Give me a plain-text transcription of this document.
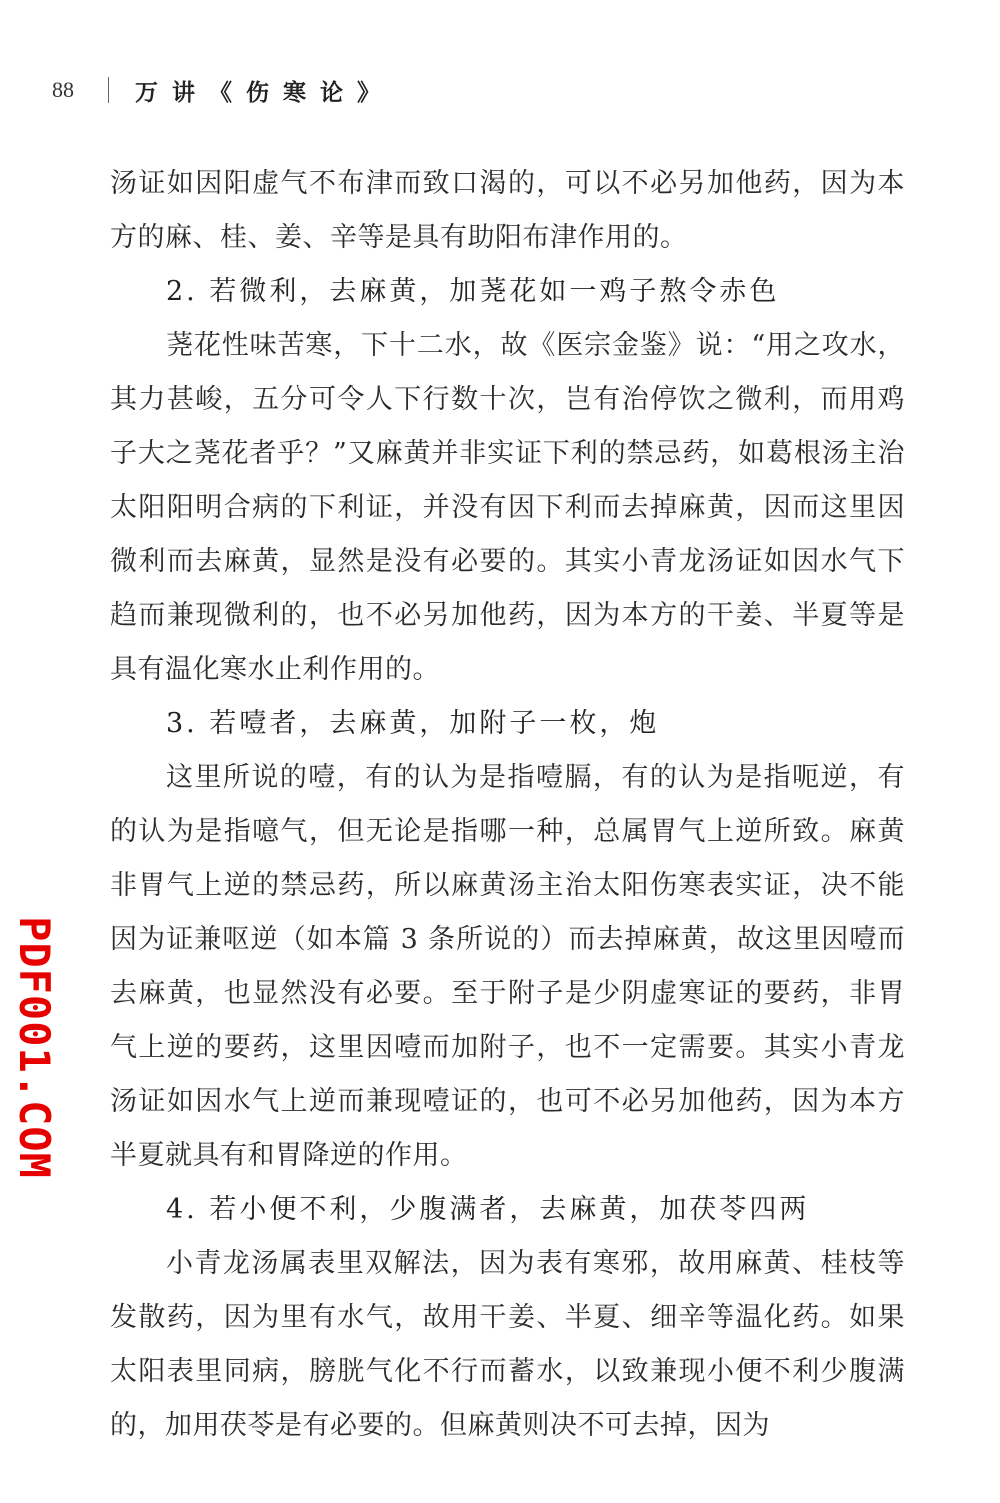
88	万讲《伤寒论》

汤证如因阳虚气不布津而致口渴的，可以不必另加他药，因为本方的麻、桂、姜、辛等是具有助阳布津作用的。

2. 若微利，去麻黄，加荛花如一鸡子熬令赤色

荛花性味苦寒，下十二水，故《医宗金鉴》说：“用之攻水，其力甚峻，五分可令人下行数十次，岂有治停饮之微利，而用鸡子大之荛花者乎？”又麻黄并非实证下利的禁忌药，如葛根汤主治太阳阳明合病的下利证，并没有因下利而去掉麻黄，因而这里因微利而去麻黄，显然是没有必要的。其实小青龙汤证如因水气下趋而兼现微利的，也不必另加他药，因为本方的干姜、半夏等是具有温化寒水止利作用的。

3. 若噎者，去麻黄，加附子一枚，炮

这里所说的噎，有的认为是指噎膈，有的认为是指呃逆，有的认为是指噫气，但无论是指哪一种，总属胃气上逆所致。麻黄非胃气上逆的禁忌药，所以麻黄汤主治太阳伤寒表实证，决不能因为证兼呕逆（如本篇 3 条所说的）而去掉麻黄，故这里因噎而去麻黄，也显然没有必要。至于附子是少阴虚寒证的要药，非胃气上逆的要药，这里因噎而加附子，也不一定需要。其实小青龙汤证如因水气上逆而兼现噎证的，也可不必另加他药，因为本方半夏就具有和胃降逆的作用。

4. 若小便不利，少腹满者，去麻黄，加茯苓四两

小青龙汤属表里双解法，因为表有寒邪，故用麻黄、桂枝等发散药，因为里有水气，故用干姜、半夏、细辛等温化药。如果太阳表里同病，膀胱气化不行而蓄水，以致兼现小便不利少腹满的，加用茯苓是有必要的。但麻黄则决不可去掉，因为

PDF001.COM
